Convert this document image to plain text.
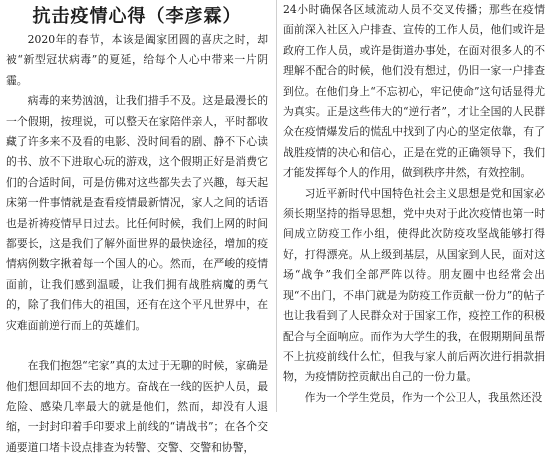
抗击疫情心得（李彦霖）

2020年的春节，本该是阖家团圆的喜庆之时，却被“新型冠状病毒”的夏延，给每个人心中带来一片阴霾。

病毒的来势汹汹，让我们措手不及。这是最漫长的一个假期，按理说，可以整天在家陪伴亲人，平时都收藏了许多来不及看的电影、没时间看的剧、静不下心读的书、放不下进取心玩的游戏，这个假期正好是消费它们的合适时间，可是仿佛对这些都失去了兴趣，每天起床第一件事情就是查看疫情最新情况，家人之间的话语也是祈祷疫情早日过去。比任何时候，我们上网的时间都要长，这是我们了解外面世界的最快途径，增加的疫情病例数字揪着每一个国人的心。然而，在严峻的疫情面前，让我们感到温暖，让我们拥有战胜病魔的勇气的，除了我们伟大的祖国，还有在这个平凡世界中，在灾难面前逆行而上的英雄们。

在我们抱怨“宅家”真的太过于无聊的时候，家确是他们想回却回不去的地方。奋战在一线的医护人员，最危险、感染几率最大的就是他们，然而，却没有人退缩，一封封印着手印要求上前线的“请战书”；在各个交通要道口堵卡设点排查为转警、交警、交警和协警，

24小时确保各区域流动人员不交叉传播；那些在疫情面前深入社区入户排查、宣传的工作人员，他们或许是政府工作人员，或许是街道办事处，在面对很多人的不理解不配合的时候，他们没有想过，仍旧一家一户排查到位。在他们身上“不忘初心，牢记使命”这句话显得尤为真实。正是这些伟大的“逆行者”，才让全国的人民群众在疫情爆发后的慌乱中找到了内心的坚定依靠，有了战胜疫情的决心和信心，正是在党的正确领导下，我们才能发挥每个人的作用，做到秩序井然，有效控制。

习近平新时代中国特色社会主义思想是党和国家必须长期坚持的指导思想，党中央对于此次疫情也第一时间成立防疫工作小组，使得此次防疫攻坚战能够打得好，打得漂亮。从上级到基层，从国家到人民，面对这场“战争”我们全部严阵以待。朋友圈中也经常会出现“不出门，不串门就是为防疫工作贡献一份力”的帖子也让我看到了人民群众对于国家工作，疫控工作的积极配合与全面响应。而作为大学生的我，在假期期间虽帮不上抗疫前线什么忙，但我与家人前后两次进行捐款捐物，为疫情防控贡献出自己的一份力量。

作为一个学生党员，作为一个公卫人，我虽然还没
